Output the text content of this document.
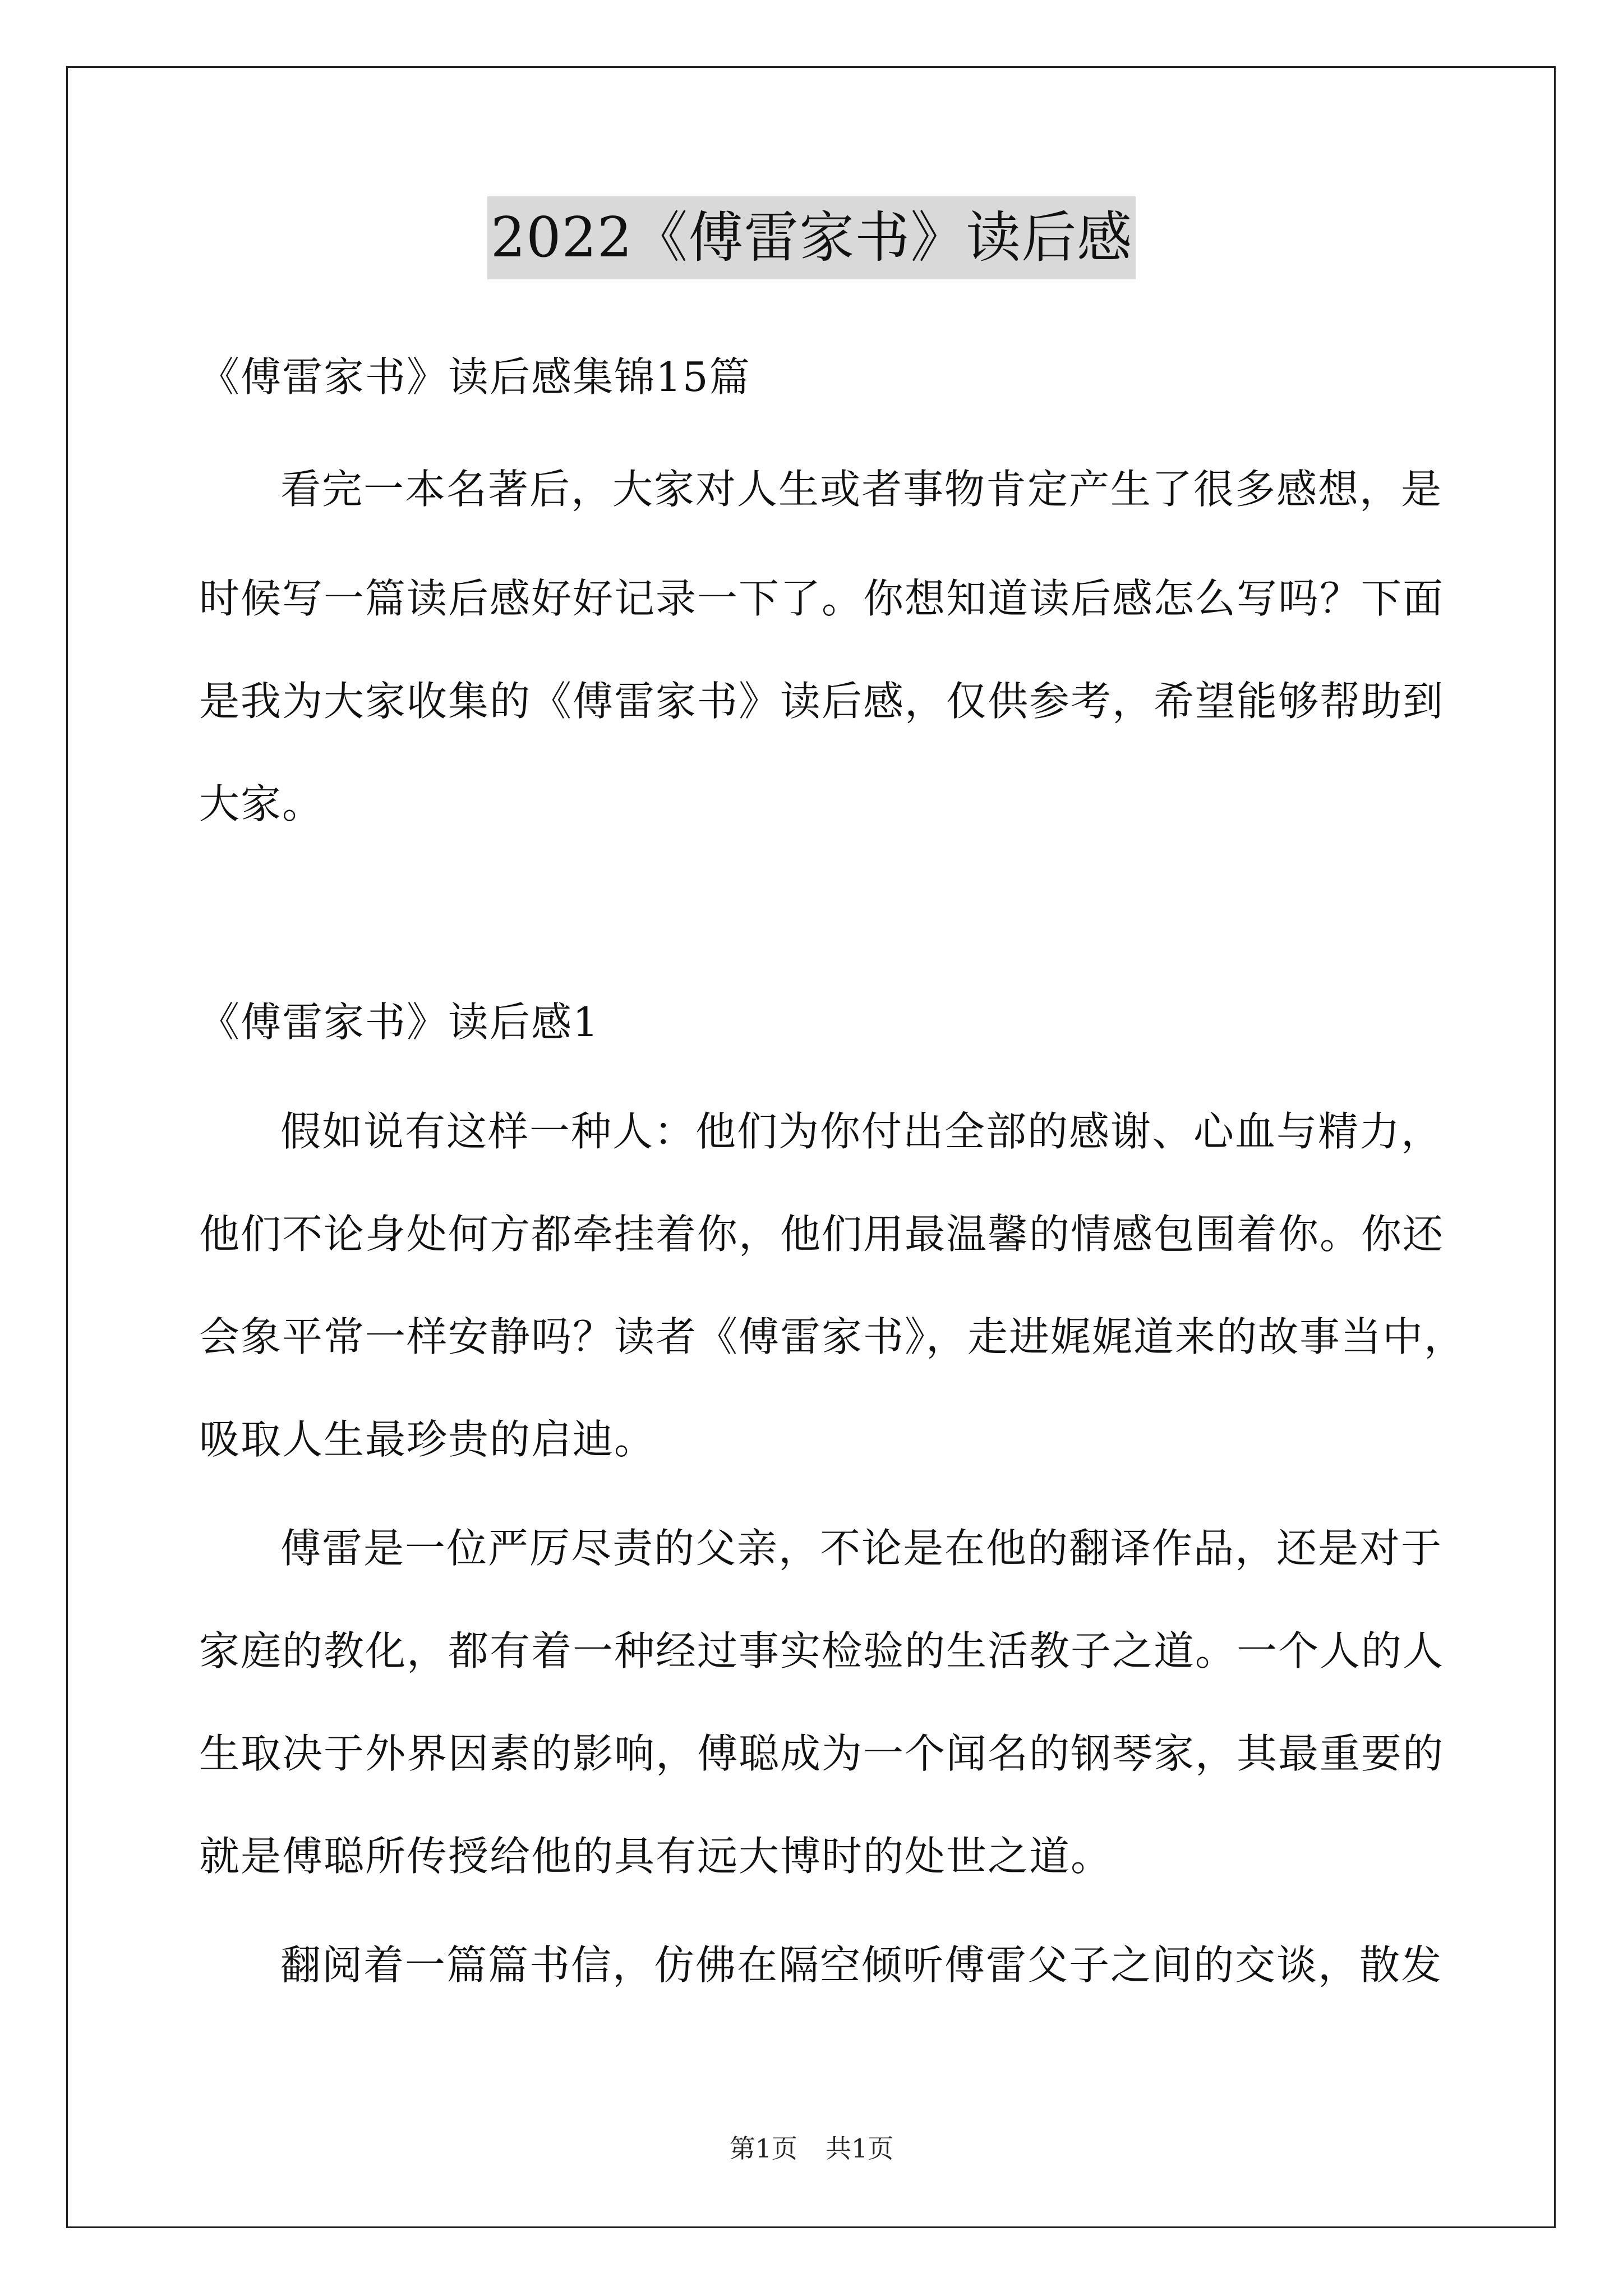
2022《傅雷家书》读后感
《傅雷家书》读后感集锦15篇
看完一本名著后，大家对人生或者事物肯定产生了很多感想，是
时候写一篇读后感好好记录一下了。你想知道读后感怎么写吗？下面
是我为大家收集的《傅雷家书》读后感，仅供参考，希望能够帮助到
大家。
《傅雷家书》读后感1
假如说有这样一种人：他们为你付出全部的感谢、心血与精力，
他们不论身处何方都牵挂着你，他们用最温馨的情感包围着你。你还
会象平常一样安静吗？读者《傅雷家书》，走进娓娓道来的故事当中，
吸取人生最珍贵的启迪。
傅雷是一位严厉尽责的父亲，不论是在他的翻译作品，还是对于
家庭的教化，都有着一种经过事实检验的生活教子之道。一个人的人
生取决于外界因素的影响，傅聪成为一个闻名的钢琴家，其最重要的
就是傅聪所传授给他的具有远大博时的处世之道。
翻阅着一篇篇书信，仿佛在隔空倾听傅雷父子之间的交谈，散发
第1页 共1页
